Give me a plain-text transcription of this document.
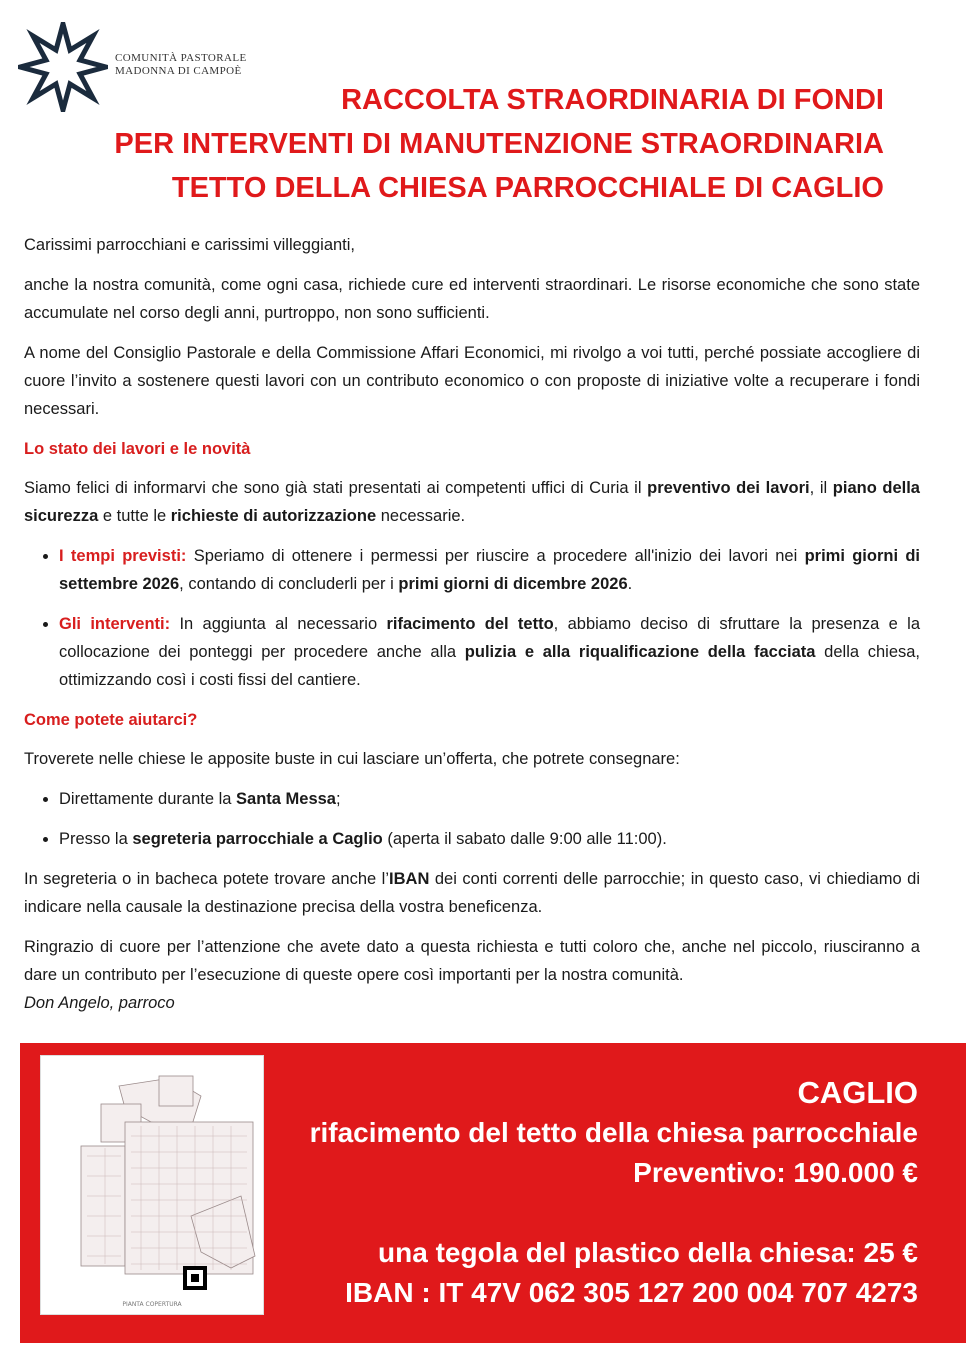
COMUNITÀ PASTORALE
MADONNA DI CAMPOÈ
RACCOLTA STRAORDINARIA DI FONDI
PER INTERVENTI DI MANUTENZIONE STRAORDINARIA
TETTO DELLA CHIESA PARROCCHIALE DI CAGLIO

Carissimi parrocchiani e carissimi villeggianti,

anche la nostra comunità, come ogni casa, richiede cure ed interventi straordinari. Le risorse economiche che sono state accumulate nel corso degli anni, purtroppo, non sono sufficienti.

A nome del Consiglio Pastorale e della Commissione Affari Economici, mi rivolgo a voi tutti, perché possiate accogliere di cuore l’invito a sostenere questi lavori con un contributo economico o con proposte di iniziative volte a recuperare i fondi necessari.

Lo stato dei lavori e le novità

Siamo felici di informarvi che sono già stati presentati ai competenti uffici di Curia il preventivo dei lavori, il piano della sicurezza e tutte le richieste di autorizzazione necessarie.

• I tempi previsti: Speriamo di ottenere i permessi per riuscire a procedere all'inizio dei lavori nei primi giorni di settembre 2026, contando di concluderli per i primi giorni di dicembre 2026.
• Gli interventi: In aggiunta al necessario rifacimento del tetto, abbiamo deciso di sfruttare la presenza e la collocazione dei ponteggi per procedere anche alla pulizia e alla riqualificazione della facciata della chiesa, ottimizzando così i costi fissi del cantiere.
Come potete aiutarci?

Troverete nelle chiese le apposite buste in cui lasciare un’offerta, che potrete consegnare:

• Direttamente durante la Santa Messa;
• Presso la segreteria parrocchiale a Caglio (aperta il sabato dalle 9:00 alle 11:00).

In segreteria o in bacheca potete trovare anche l’IBAN dei conti correnti delle parrocchie; in questo caso, vi chiediamo di indicare nella causale la destinazione precisa della vostra beneficenza.

Ringrazio di cuore per l’attenzione che avete dato a questa richiesta e tutti coloro che, anche nel piccolo, riusciranno a dare un contributo per l’esecuzione di queste opere così importanti per la nostra comunità.
Don Angelo, parroco

PIANTA COPERTURA
CAGLIO
rifacimento del tetto della chiesa parrocchiale
Preventivo: 190.000 €
una tegola del plastico della chiesa: 25 €
IBAN : IT 47V 062 305 127 200 004 707 4273
